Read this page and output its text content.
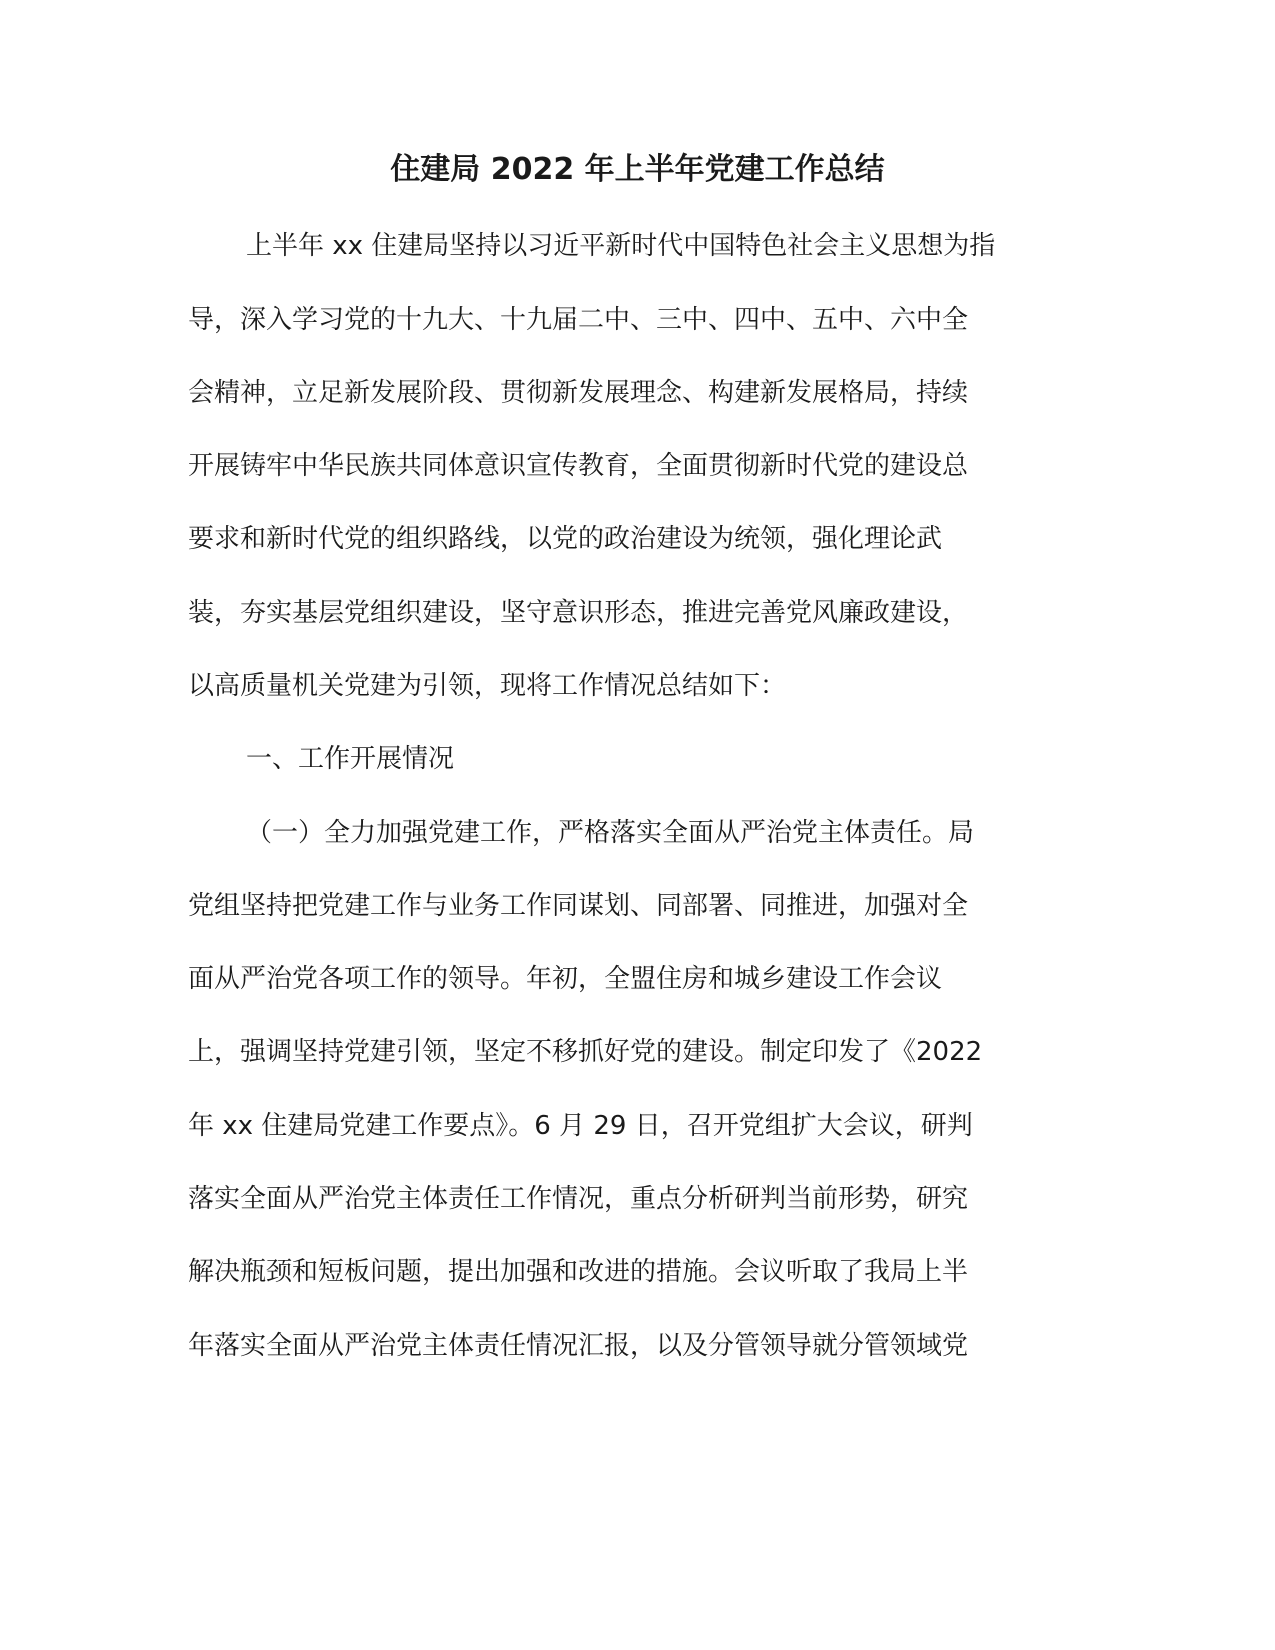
住建局 2022 年上半年党建工作总结
上半年 xx 住建局坚持以习近平新时代中国特色社会主义思想为指
导，深入学习党的十九大、十九届二中、三中、四中、五中、六中全
会精神，立足新发展阶段、贯彻新发展理念、构建新发展格局，持续
开展铸牢中华民族共同体意识宣传教育，全面贯彻新时代党的建设总
要求和新时代党的组织路线，以党的政治建设为统领，强化理论武
装，夯实基层党组织建设，坚守意识形态，推进完善党风廉政建设，
以高质量机关党建为引领，现将工作情况总结如下：
一、工作开展情况
（一）全力加强党建工作，严格落实全面从严治党主体责任。局
党组坚持把党建工作与业务工作同谋划、同部署、同推进，加强对全
面从严治党各项工作的领导。年初，全盟住房和城乡建设工作会议
上，强调坚持党建引领，坚定不移抓好党的建设。制定印发了《2022
年 xx 住建局党建工作要点》。6 月 29 日，召开党组扩大会议，研判
落实全面从严治党主体责任工作情况，重点分析研判当前形势，研究
解决瓶颈和短板问题，提出加强和改进的措施。会议听取了我局上半
年落实全面从严治党主体责任情况汇报，以及分管领导就分管领域党
